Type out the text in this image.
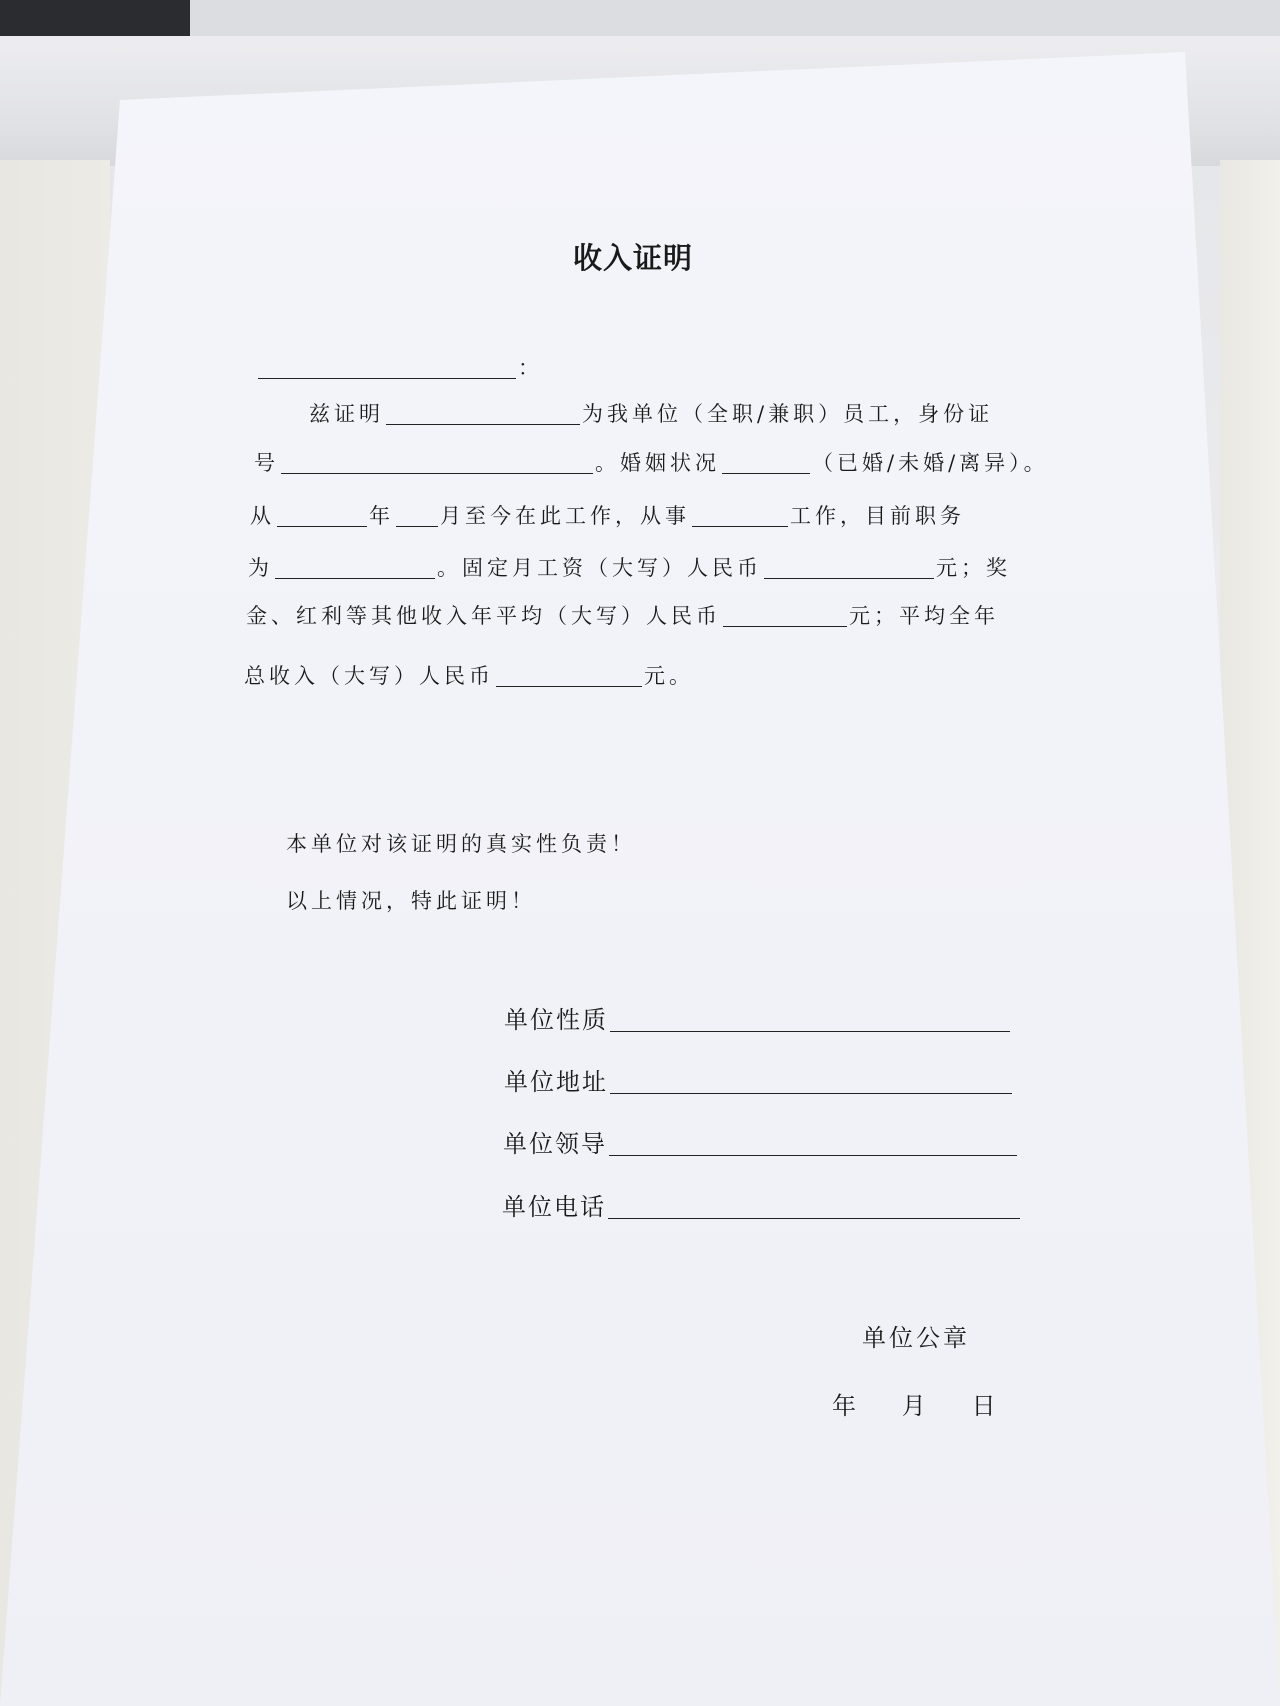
收入证明
：
兹证明	为我单位（全职/兼职）员工，身份证
号	。婚姻状况	（已婚/未婚/离异）。
从	年 月至今在此工作，从事	工作，目前职务
为	。固定月工资（大写）人民币	元；奖
金、红利等其他收入年平均（大写）人民币	元；平均全年
总收入（大写）人民币	元。
本单位对该证明的真实性负责！
以上情况，特此证明！
单位性质
单位地址
单位领导
单位电话
单位公章
年 月 日
